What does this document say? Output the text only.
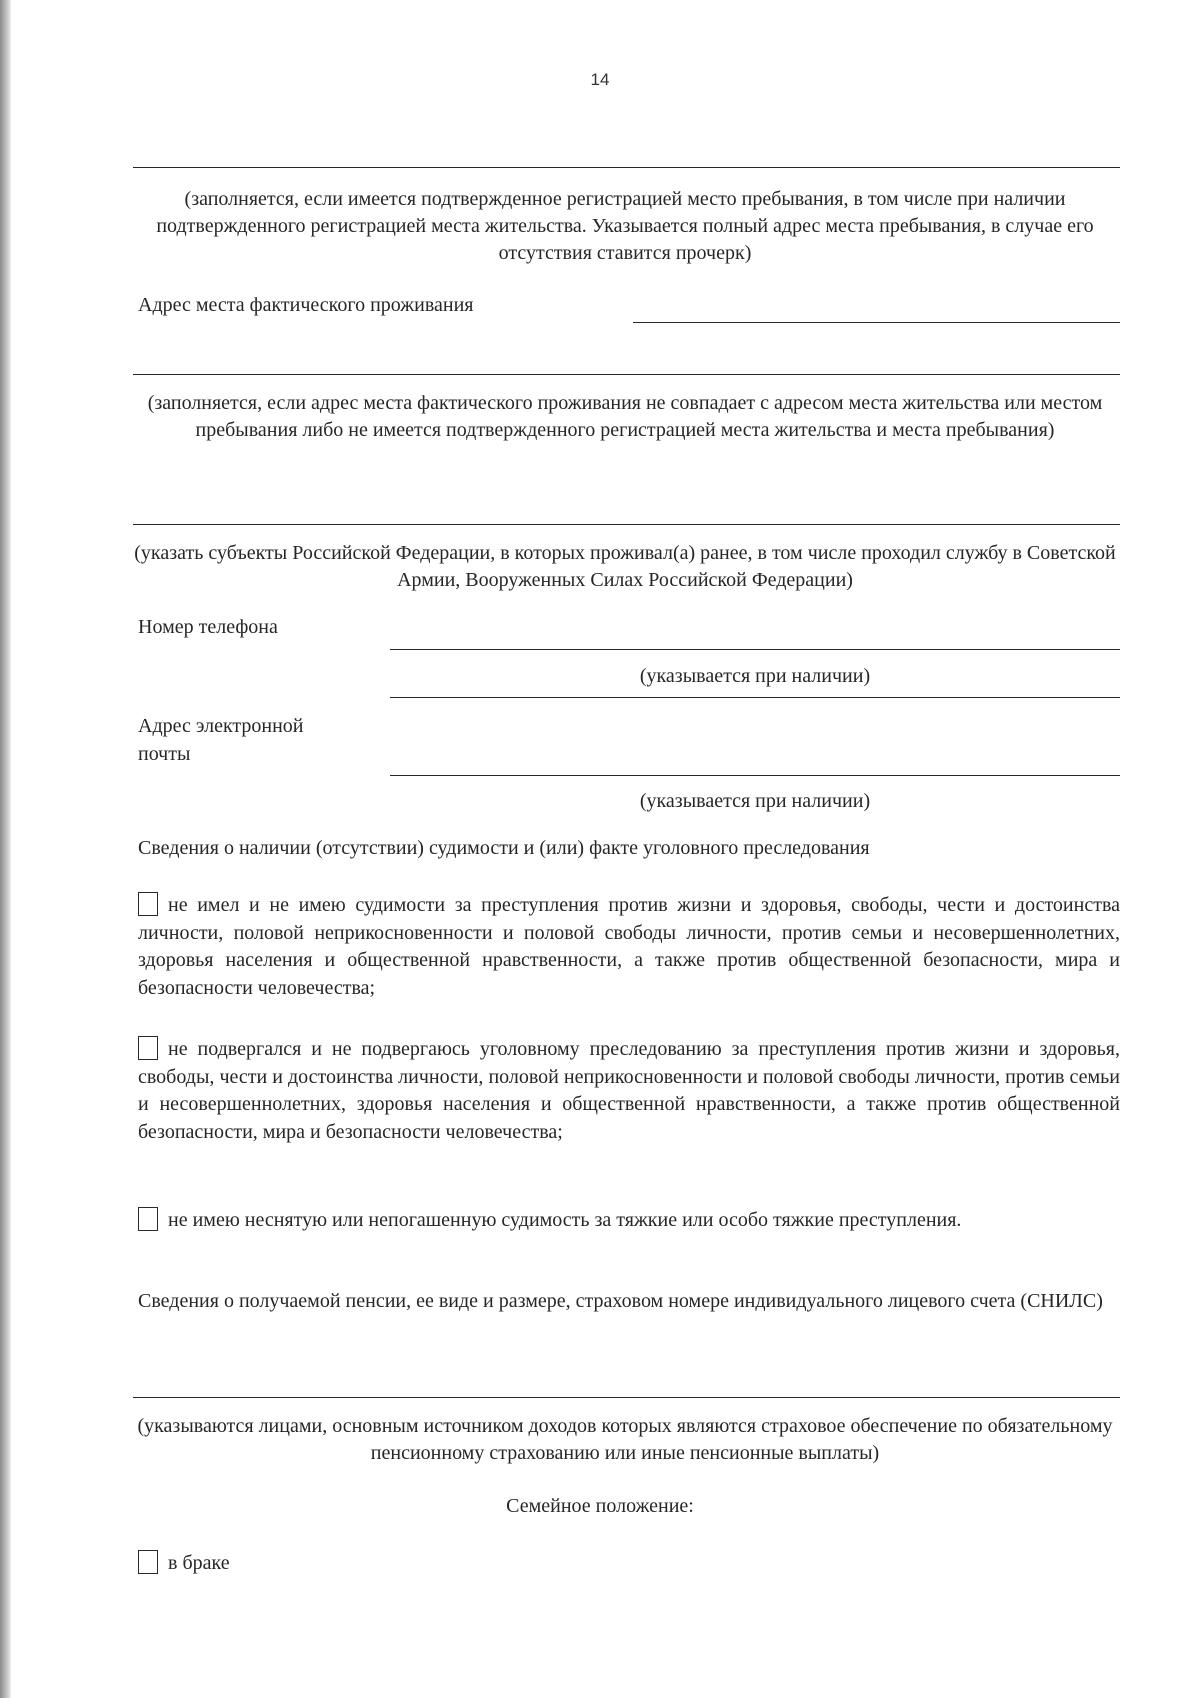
14
(заполняется, если имеется подтвержденное регистрацией место пребывания, в том числе при наличии подтвержденного регистрацией места жительства. Указывается полный адрес места пребывания, в случае его отсутствия ставится прочерк)
Адрес места фактического проживания
(заполняется, если адрес места фактического проживания не совпадает с адресом места жительства или местом пребывания либо не имеется подтвержденного регистрацией места жительства и места пребывания)
(указать субъекты Российской Федерации, в которых проживал(а) ранее, в том числе проходил службу в Советской Армии, Вооруженных Силах Российской Федерации)
Номер телефона
(указывается при наличии)
Адрес электронной
почты
(указывается при наличии)
Сведения о наличии (отсутствии) судимости и (или) факте уголовного преследования
не имел и не имею судимости за преступления против жизни и здоровья, свободы, чести и достоинства личности, половой неприкосновенности и половой свободы личности, против семьи и несовершеннолетних, здоровья населения и общественной нравственности, а также против общественной безопасности, мира и безопасности человечества;
не подвергался и не подвергаюсь уголовному преследованию за преступления против жизни и здоровья, свободы, чести и достоинства личности, половой неприкосновенности и половой свободы личности, против семьи и несовершеннолетних, здоровья населения и общественной нравственности, а также против общественной безопасности, мира и безопасности человечества;
не имею неснятую или непогашенную судимость за тяжкие или особо тяжкие преступления.
Сведения о получаемой пенсии, ее виде и размере, страховом номере индивидуального лицевого счета (СНИЛС)
(указываются лицами, основным источником доходов которых являются страховое обеспечение по обязательному пенсионному страхованию или иные пенсионные выплаты)
Семейное положение:
в браке
